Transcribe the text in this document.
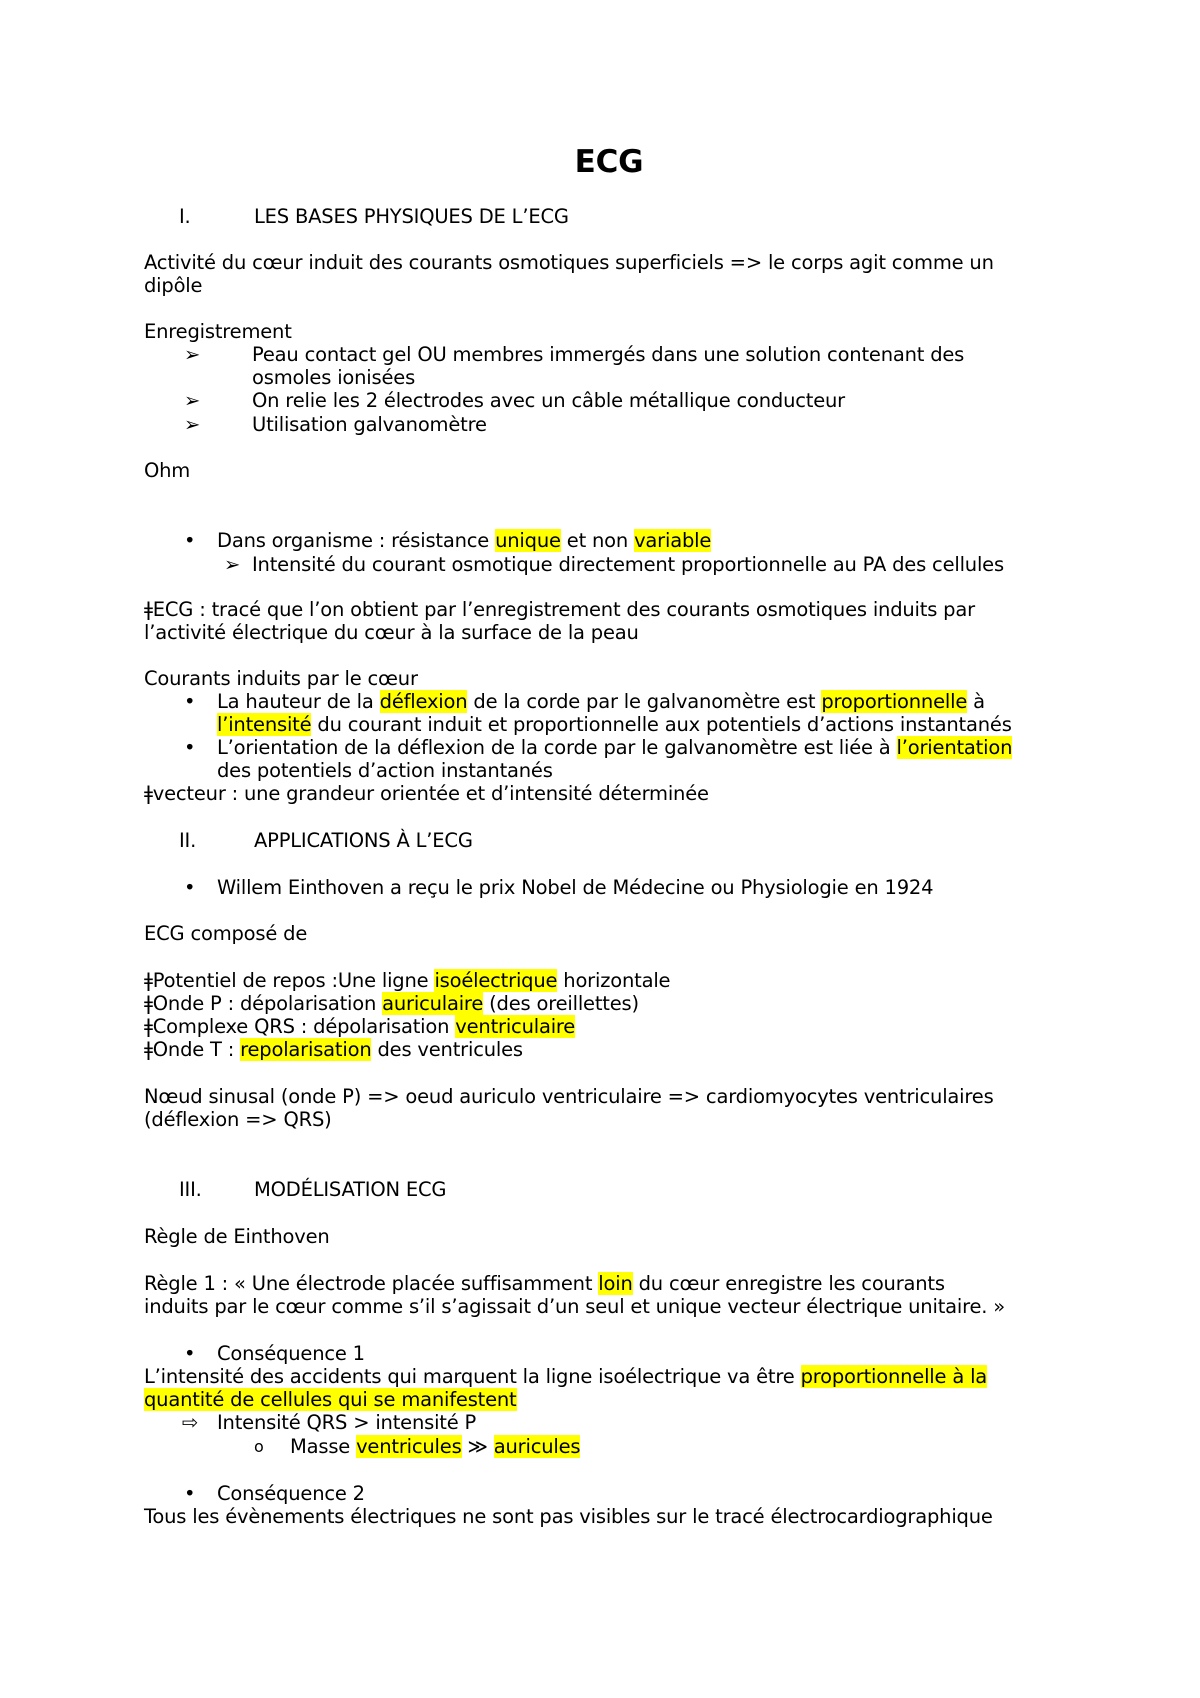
ECG
I.	LES BASES PHYSIQUES DE L’ECG
Activité du cœur induit des courants osmotiques superficiels => le corps agit comme un
dipôle
Enregistrement
➢	Peau contact gel OU membres immergés dans une solution contenant des
osmoles ionisées
➢	On relie les 2 électrodes avec un câble métallique conducteur
➢	Utilisation galvanomètre
Ohm
• Dans organisme : résistance unique et non variable
➢ Intensité du courant osmotique directement proportionnelle au PA des cellules
ǂECG : tracé que l’on obtient par l’enregistrement des courants osmotiques induits par
l’activité électrique du cœur à la surface de la peau
Courants induits par le cœur
• La hauteur de la déflexion de la corde par le galvanomètre est proportionnelle à
l’intensité du courant induit et proportionnelle aux potentiels d’actions instantanés
• L’orientation de la déflexion de la corde par le galvanomètre est liée à l’orientation
des potentiels d’action instantanés
ǂvecteur : une grandeur orientée et d’intensité déterminée
II.	APPLICATIONS À L’ECG
• Willem Einthoven a reçu le prix Nobel de Médecine ou Physiologie en 1924
ECG composé de
ǂPotentiel de repos :Une ligne isoélectrique horizontale
ǂOnde P : dépolarisation auriculaire (des oreillettes)
ǂComplexe QRS : dépolarisation ventriculaire
ǂOnde T : repolarisation des ventricules
Nœud sinusal (onde P) => oeud auriculo ventriculaire => cardiomyocytes ventriculaires
(déflexion => QRS)
III.	MODÉLISATION ECG
Règle de Einthoven
Règle 1 : « Une électrode placée suffisamment loin du cœur enregistre les courants
induits par le cœur comme s’il s’agissait d’un seul et unique vecteur électrique unitaire. »
• Conséquence 1
L’intensité des accidents qui marquent la ligne isoélectrique va être proportionnelle à la
quantité de cellules qui se manifestent
⇨ Intensité QRS > intensité P
o Masse ventricules ≫ auricules
• Conséquence 2
Tous les évènements électriques ne sont pas visibles sur le tracé électrocardiographique
